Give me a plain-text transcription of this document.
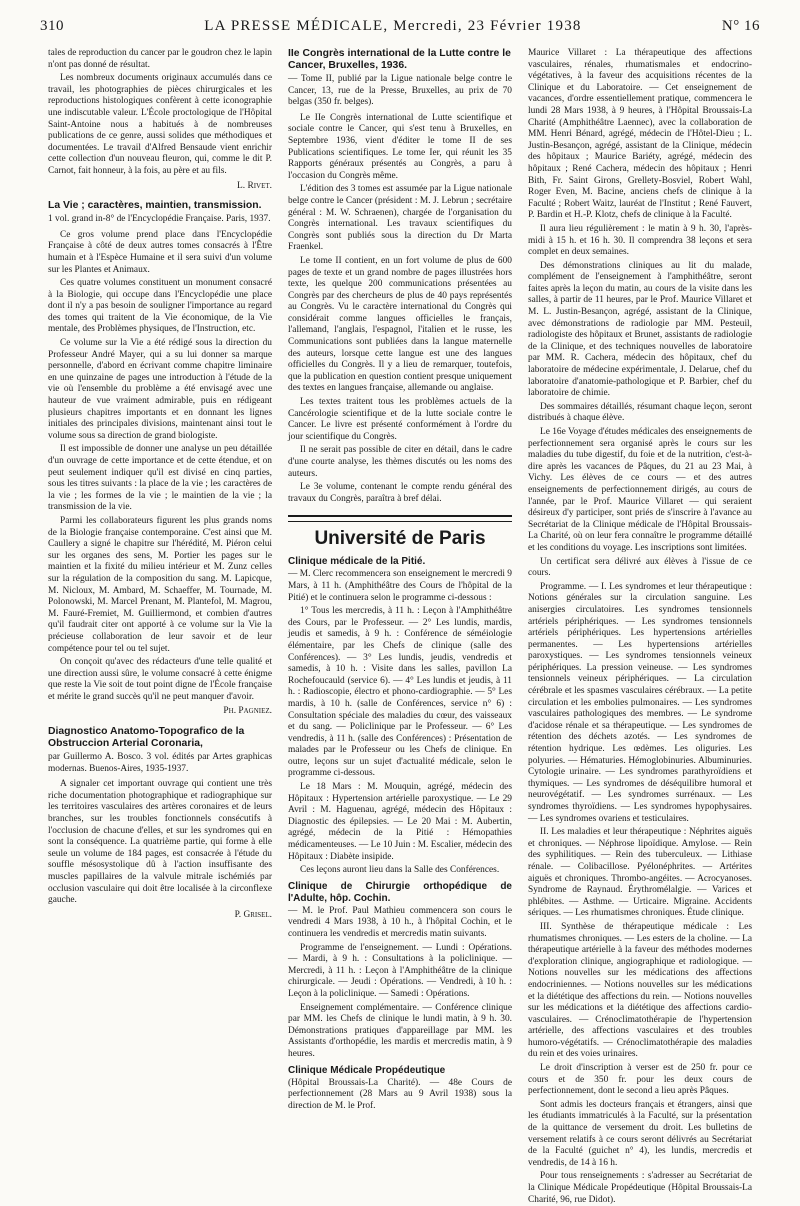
310	LA PRESSE MÉDICALE, Mercredi, 23 Février 1938	N° 16

tales de reproduction du cancer par le goudron chez le lapin n'ont pas donné de résultat.

Les nombreux documents originaux accumulés dans ce travail, les photographies de pièces chirurgicales et les reproductions histologiques confèrent à cette iconographie une indiscutable valeur. L'École proctologique de l'Hôpital Saint-Antoine nous a habitués à de nombreuses publications de ce genre, aussi solides que méthodiques et documentées. Le travail d'Alfred Bensaude vient enrichir cette collection d'un nouveau fleuron, qui, comme le dit P. Carnot, fait honneur, à la fois, au père et au fils.

L. Rivet.
La Vie ; caractères, maintien, transmission.

1 vol. grand in-8° de l'Encyclopédie Française. Paris, 1937.

Ce gros volume prend place dans l'Encyclopédie Française à côté de deux autres tomes consacrés à l'Être humain et à l'Espèce Humaine et il sera suivi d'un volume sur les Plantes et Animaux.

Ces quatre volumes constituent un monument consacré à la Biologie, qui occupe dans l'Encyclopédie une place dont il n'y a pas besoin de souligner l'importance au regard des tomes qui traitent de la Vie économique, de la Vie mentale, des Problèmes physiques, de l'Instruction, etc.

Ce volume sur la Vie a été rédigé sous la direction du Professeur André Mayer, qui a su lui donner sa marque personnelle, d'abord en écrivant comme chapitre liminaire en une quinzaine de pages une introduction à l'étude de la vie où l'ensemble du problème a été envisagé avec une hauteur de vue vraiment admirable, puis en rédigeant plusieurs chapitres importants et en donnant les lignes initiales des principales divisions, maintenant ainsi tout le volume sous sa direction de grand biologiste.

Il est impossible de donner une analyse un peu détaillée d'un ouvrage de cette importance et de cette étendue, et on peut seulement indiquer qu'il est divisé en cinq parties, sous les titres suivants : la place de la vie ; les caractères de la vie ; les formes de la vie ; le maintien de la vie ; la transmission de la vie.

Parmi les collaborateurs figurent les plus grands noms de la Biologie française contemporaine. C'est ainsi que M. Caullery a signé le chapitre sur l'hérédité, M. Piéron celui sur les organes des sens, M. Portier les pages sur le maintien et la fixité du milieu intérieur et M. Zunz celles sur la régulation de la composition du sang. M. Lapicque, M. Nicloux, M. Ambard, M. Schaeffer, M. Tournade, M. Polonowski, M. Marcel Prenant, M. Plantefol, M. Magrou, M. Fauré-Fremiet, M. Guilliermond, et combien d'autres qu'il faudrait citer ont apporté à ce volume sur la Vie la précieuse collaboration de leur savoir et de leur compétence pour tel ou tel sujet.

On conçoit qu'avec des rédacteurs d'une telle qualité et une direction aussi sûre, le volume consacré à cette énigme que reste la Vie soit de tout point digne de l'École française et mérite le grand succès qu'il ne peut manquer d'avoir.

Ph. Pagniez.
Diagnostico Anatomo-Topografico de la Obstruccion Arterial Coronaria,

par Guillermo A. Bosco. 3 vol. édités par Artes graphicas modernas. Buenos-Aires, 1935-1937.

A signaler cet important ouvrage qui contient une très riche documentation photographique et radiographique sur les territoires vasculaires des artères coronaires et de leurs branches, sur les troubles fonctionnels consécutifs à l'occlusion de chacune d'elles, et sur les syndromes qui en sont la conséquence. La quatrième partie, qui forme à elle seule un volume de 184 pages, est consacrée à l'étude du souffle mésosystolique dû à l'action insuffisante des muscles papillaires de la valvule mitrale ischémiés par occlusion vasculaire qui doit être localisée à la circonflexe gauche.

P. Grisel.
IIe Congrès international de la Lutte contre le Cancer, Bruxelles, 1936.

— Tome II, publié par la Ligue nationale belge contre le Cancer, 13, rue de la Presse, Bruxelles, au prix de 70 belgas (350 fr. belges).

Le IIe Congrès international de Lutte scientifique et sociale contre le Cancer, qui s'est tenu à Bruxelles, en Septembre 1936, vient d'éditer le tome II de ses Publications scientifiques. Le tome Ier, qui réunit les 35 Rapports généraux présentés au Congrès, a paru à l'occasion du Congrès même.

L'édition des 3 tomes est assumée par la Ligue nationale belge contre le Cancer (président : M. J. Lebrun ; secrétaire général : M. W. Schraenen), chargée de l'organisation du Congrès international. Les travaux scientifiques du Congrès sont publiés sous la direction du Dr Marta Fraenkel.

Le tome II contient, en un fort volume de plus de 600 pages de texte et un grand nombre de pages illustrées hors texte, les quelque 200 communications présentées au Congrès par des chercheurs de plus de 40 pays représentés au Congrès. Vu le caractère international du Congrès qui considérait comme langues officielles le français, l'allemand, l'anglais, l'espagnol, l'italien et le russe, les Communications sont publiées dans la langue maternelle des auteurs, lorsque cette langue est une des langues officielles du Congrès. Il y a lieu de remarquer, toutefois, que la publication en question contient presque uniquement des textes en langues française, allemande ou anglaise.

Les textes traitent tous les problèmes actuels de la Cancérologie scientifique et de la lutte sociale contre le Cancer. Le livre est présenté conformément à l'ordre du jour scientifique du Congrès.

Il ne serait pas possible de citer en détail, dans le cadre d'une courte analyse, les thèmes discutés ou les noms des auteurs.

Le 3e volume, contenant le compte rendu général des travaux du Congrès, paraîtra à bref délai.

Université de Paris
Clinique médicale de la Pitié.

— M. Clerc recommencera son enseignement le mercredi 9 Mars, à 11 h. (Amphithéâtre des Cours de l'hôpital de la Pitié) et le continuera selon le programme ci-dessous :

1° Tous les mercredis, à 11 h. : Leçon à l'Amphithéâtre des Cours, par le Professeur. — 2° Les lundis, mardis, jeudis et samedis, à 9 h. : Conférence de séméiologie élémentaire, par les Chefs de clinique (salle des Conférences). — 3° Les lundis, jeudis, vendredis et samedis, à 10 h. : Visite dans les salles, pavillon La Rochefoucauld (service 6). — 4° Les lundis et jeudis, à 11 h. : Radioscopie, électro et phono-cardiographie. — 5° Les mardis, à 10 h. (salle de Conférences, service n° 6) : Consultation spéciale des maladies du cœur, des vaisseaux et du sang. — Policlinique par le Professeur. — 6° Les vendredis, à 11 h. (salle des Conférences) : Présentation de malades par le Professeur ou les Chefs de clinique. En outre, leçons sur un sujet d'actualité médicale, selon le programme ci-dessous.

Le 18 Mars : M. Mouquin, agrégé, médecin des Hôpitaux : Hypertension artérielle paroxystique. — Le 29 Avril : M. Haguenau, agrégé, médecin des Hôpitaux : Diagnostic des épilepsies. — Le 20 Mai : M. Aubertin, agrégé, médecin de la Pitié : Hémopathies médicamenteuses. — Le 10 Juin : M. Escalier, médecin des Hôpitaux : Diabète insipide.

Ces leçons auront lieu dans la Salle des Conférences.

Clinique de Chirurgie orthopédique de l'Adulte, hôp. Cochin.

— M. le Prof. Paul Mathieu commencera son cours le vendredi 4 Mars 1938, à 10 h., à l'hôpital Cochin, et le continuera les vendredis et mercredis matin suivants.

Programme de l'enseignement. — Lundi : Opérations. — Mardi, à 9 h. : Consultations à la policlinique. — Mercredi, à 11 h. : Leçon à l'Amphithéâtre de la clinique chirurgicale. — Jeudi : Opérations. — Vendredi, à 10 h. : Leçon à la policlinique. — Samedi : Opérations.

Enseignement complémentaire. — Conférence clinique par MM. les Chefs de clinique le lundi matin, à 9 h. 30. Démonstrations pratiques d'appareillage par MM. les Assistants d'orthopédie, les mardis et mercredis matin, à 9 heures.

Clinique Médicale Propédeutique

(Hôpital Broussais-La Charité). — 48e Cours de perfectionnement (28 Mars au 9 Avril 1938) sous la direction de M. le Prof.

Maurice Villaret : La thérapeutique des affections vasculaires, rénales, rhumatismales et endocrino-végétatives, à la faveur des acquisitions récentes de la Clinique et du Laboratoire. — Cet enseignement de vacances, d'ordre essentiellement pratique, commencera le lundi 28 Mars 1938, à 9 heures, à l'Hôpital Broussais-La Charité (Amphithéâtre Laennec), avec la collaboration de MM. Henri Bénard, agrégé, médecin de l'Hôtel-Dieu ; L. Justin-Besançon, agrégé, assistant de la Clinique, médecin des hôpitaux ; Maurice Bariéty, agrégé, médecin des hôpitaux ; René Cachera, médecin des hôpitaux ; Henri Bith, Fr. Saint Girons, Grellety-Bosviel, Robert Wahl, Roger Even, M. Bacine, anciens chefs de clinique à la Faculté ; Robert Waitz, lauréat de l'Institut ; René Fauvert, P. Bardin et H.-P. Klotz, chefs de clinique à la Faculté.

Il aura lieu régulièrement : le matin à 9 h. 30, l'après-midi à 15 h. et 16 h. 30. Il comprendra 38 leçons et sera complet en deux semaines.

Des démonstrations cliniques au lit du malade, complément de l'enseignement à l'amphithéâtre, seront faites après la leçon du matin, au cours de la visite dans les salles, à partir de 11 heures, par le Prof. Maurice Villaret et M. L. Justin-Besançon, agrégé, assistant de la Clinique, avec démonstrations de radiologie par MM. Pesteuil, radiologiste des hôpitaux et Brunet, assistants de radiologie de la Clinique, et des techniques nouvelles de laboratoire par MM. R. Cachera, médecin des hôpitaux, chef du laboratoire de médecine expérimentale, J. Delarue, chef du laboratoire d'anatomie-pathologique et P. Barbier, chef du laboratoire de chimie.

Des sommaires détaillés, résumant chaque leçon, seront distribués à chaque élève.

Le 16e Voyage d'études médicales des enseignements de perfectionnement sera organisé après le cours sur les maladies du tube digestif, du foie et de la nutrition, c'est-à-dire après les vacances de Pâques, du 21 au 23 Mai, à Vichy. Les élèves de ce cours — et des autres enseignements de perfectionnement dirigés, au cours de l'année, par le Prof. Maurice Villaret — qui seraient désireux d'y participer, sont priés de s'inscrire à l'avance au Secrétariat de la Clinique médicale de l'Hôpital Broussais-La Charité, où on leur fera connaître le programme détaillé et les conditions du voyage. Les inscriptions sont limitées.

Un certificat sera délivré aux élèves à l'issue de ce cours.

Programme. — I. Les syndromes et leur thérapeutique : Notions générales sur la circulation sanguine. Les anisergies circulatoires. Les syndromes tensionnels artériels périphériques. — Les syndromes tensionnels artériels périphériques. Les hypertensions artérielles permanentes. — Les hypertensions artérielles paroxystiques. — Les syndromes tensionnels veineux périphériques. La pression veineuse. — Les syndromes tensionnels veineux périphériques. — La circulation cérébrale et les spasmes vasculaires cérébraux. — La petite circulation et les embolies pulmonaires. — Les syndromes vasculaires pathologiques des membres. — Le syndrome d'acidose rénale et sa thérapeutique. — Les syndromes de rétention des déchets azotés. — Les syndromes de rétention hydrique. Les œdèmes. Les oliguries. Les polyuries. — Hématuries. Hémoglobinuries. Albuminuries. Cytologie urinaire. — Les syndromes parathyroïdiens et thymiques. — Les syndromes de déséquilibre humoral et neurovégétatif. — Les syndromes surrénaux. — Les syndromes thyroïdiens. — Les syndromes hypophysaires. — Les syndromes ovariens et testiculaires.

II. Les maladies et leur thérapeutique : Néphrites aiguës et chroniques. — Néphrose lipoïdique. Amylose. — Rein des syphilitiques. — Rein des tuberculeux. — Lithiase rénale. — Colibacillose. Pyélonéphrites. — Artérites aiguës et chroniques. Thrombo-angéites. — Acrocyanoses. Syndrome de Raynaud. Érythromélalgie. — Varices et phlébites. — Asthme. — Urticaire. Migraine. Accidents sériques. — Les rhumatismes chroniques. Étude clinique.

III. Synthèse de thérapeutique médicale : Les rhumatismes chroniques. — Les esters de la choline. — La thérapeutique artérielle à la faveur des méthodes modernes d'exploration clinique, angiographique et radiologique. — Notions nouvelles sur les médications des affections endocriniennes. — Notions nouvelles sur les médications et la diététique des affections du rein. — Notions nouvelles sur les médications et la diététique des affections cardio-vasculaires. — Crénoclimatothérapie de l'hypertension artérielle, des affections vasculaires et des troubles humoro-végétatifs. — Crénoclimatothérapie des maladies du rein et des voies urinaires.

Le droit d'inscription à verser est de 250 fr. pour ce cours et de 350 fr. pour les deux cours de perfectionnement, dont le second a lieu après Pâques.

Sont admis les docteurs français et étrangers, ainsi que les étudiants immatriculés à la Faculté, sur la présentation de la quittance de versement du droit. Les bulletins de versement relatifs à ce cours seront délivrés au Secrétariat de la Faculté (guichet n° 4), les lundis, mercredis et vendredis, de 14 à 16 h.

Pour tous renseignements : s'adresser au Secrétariat de la Clinique Médicale Propédeutique (Hôpital Broussais-La Charité, 96, rue Didot).
